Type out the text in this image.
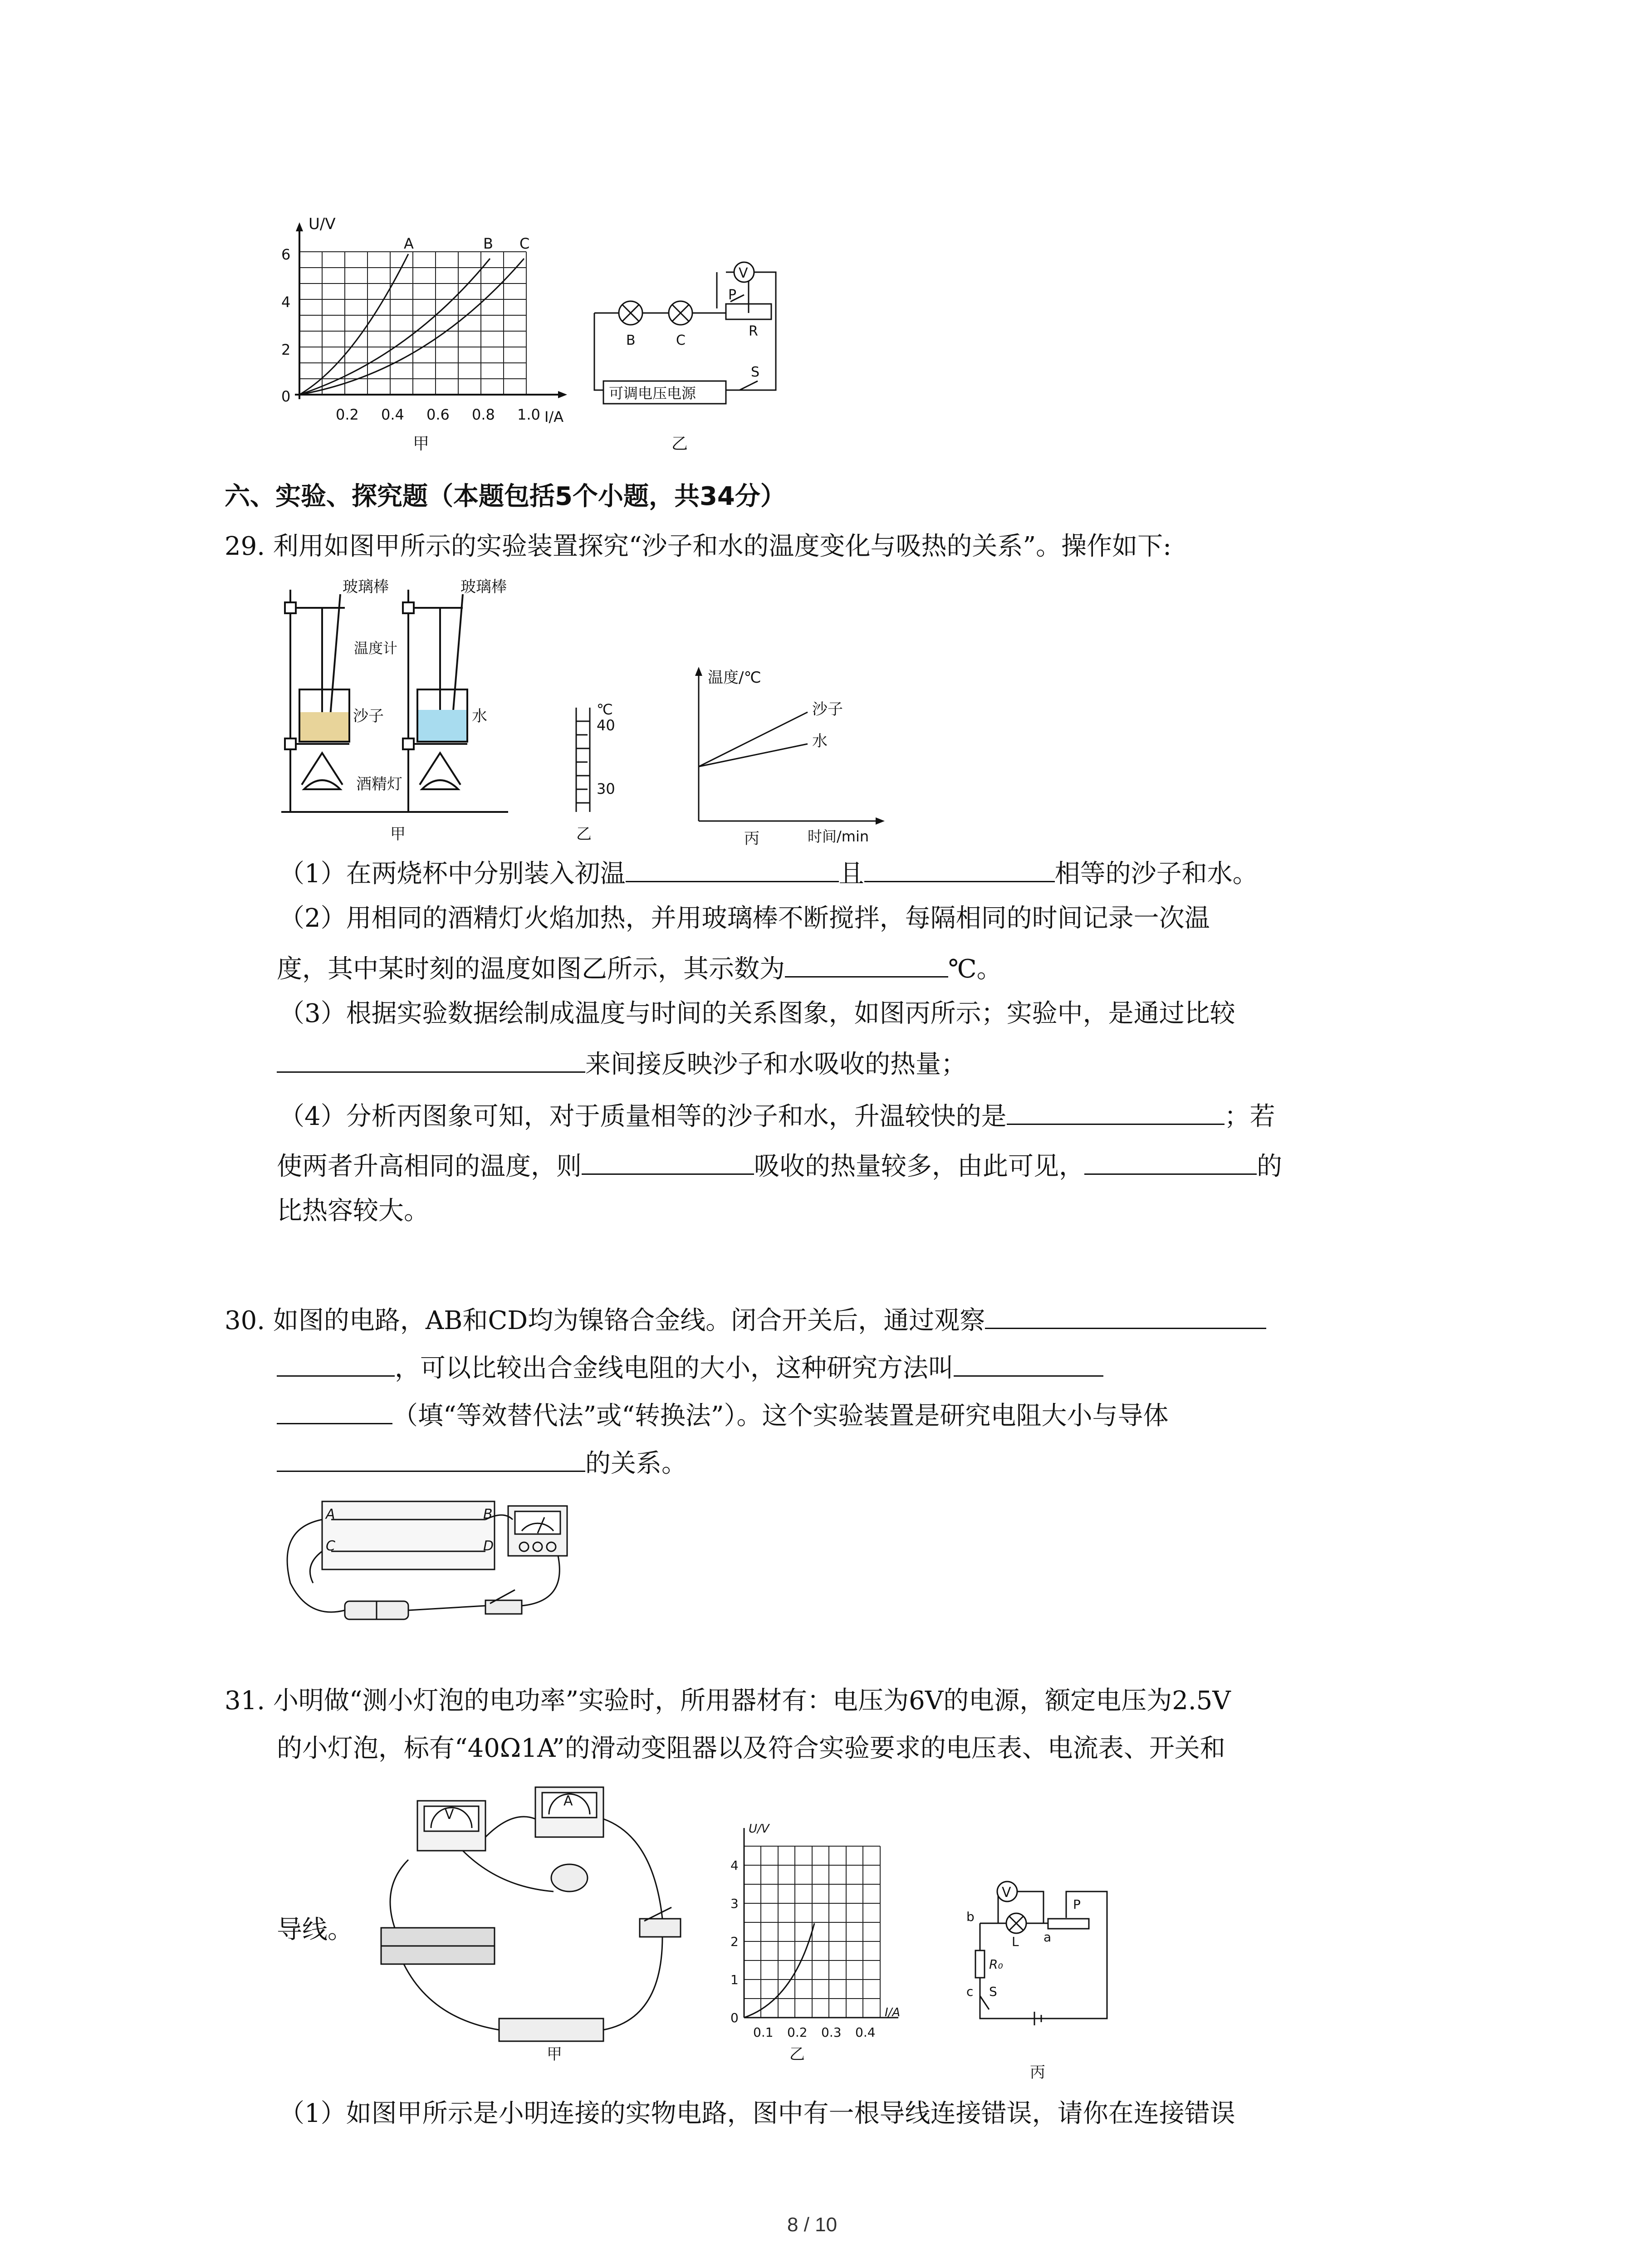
U/V
6
4
2
0
0.2 0.4 0.6 0.8 1.0 I/A
A	B C
甲
V
B	C
P
R
S
可调电压电源
乙
六、实验、探究题（本题包括5个小题，共34分）
29. 利用如图甲所示的实验装置探究“沙子和水的温度变化与吸热的关系”。操作如下:
玻璃棒	玻璃棒
温度计
沙子	水
酒精灯
甲
℃
40
30
乙
温度/℃
沙子
水
时间/min
丙
（1）在两烧杯中分别装入初温	且	相等的沙子和水。
（2）用相同的酒精灯火焰加热，并用玻璃棒不断搅拌，每隔相同的时间记录一次温
度，其中某时刻的温度如图乙所示，其示数为	℃。
（3）根据实验数据绘制成温度与时间的关系图象，如图丙所示；实验中，是通过比较
来间接反映沙子和水吸收的热量；
（4）分析丙图象可知，对于质量相等的沙子和水，升温较快的是	；若
使两者升高相同的温度，则	吸收的热量较多，由此可见，	的
比热容较大。
30. 如图的电路，AB和CD均为镍铬合金线。闭合开关后，通过观察
，可以比较出合金线电阻的大小，这种研究方法叫
（填“等效替代法”或“转换法”）。这个实验装置是研究电阻大小与导体
的关系。
A	B
C	D
31. 小明做“测小灯泡的电功率”实验时，所用器材有：电压为6V的电源，额定电压为2.5V
的小灯泡，标有“40Ω1A”的滑动变阻器以及符合实验要求的电压表、电流表、开关和
导线。
V
A
甲
U/V
4
3
2
1
0
0.1 0.2 0.3 0.4
I/A
乙
V
b
a
c
R₀
L
S
P
丙
（1）如图甲所示是小明连接的实物电路，图中有一根导线连接错误，请你在连接错误
8 / 10
